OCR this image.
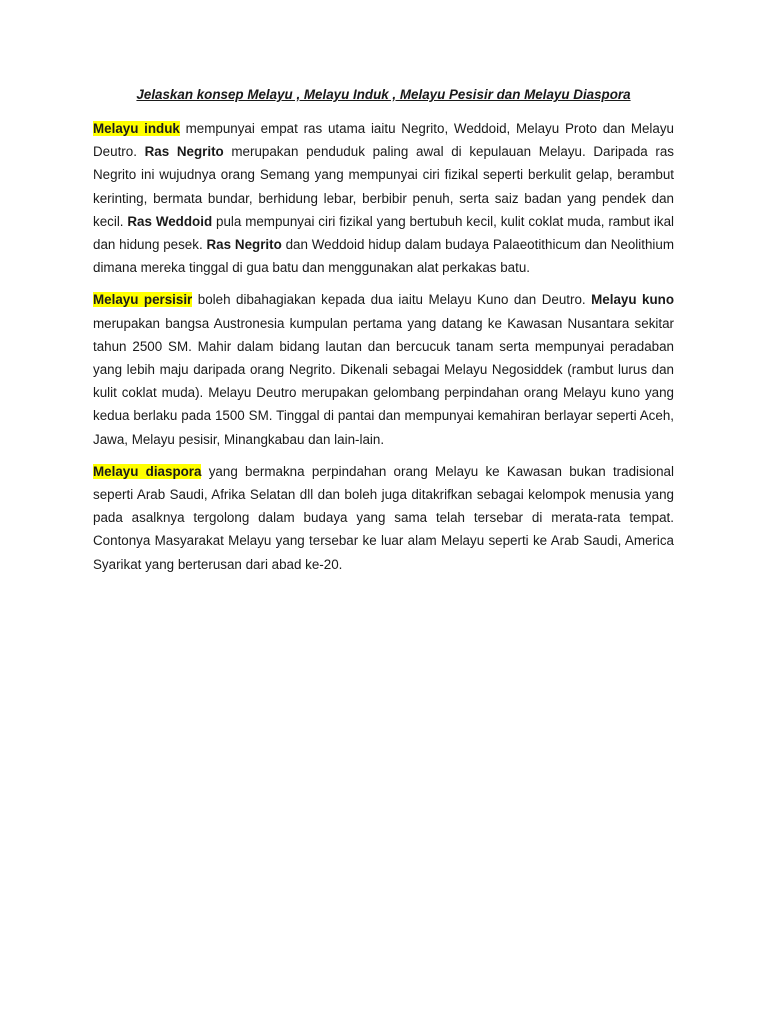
Jelaskan konsep Melayu , Melayu Induk , Melayu Pesisir dan Melayu Diaspora

Melayu induk mempunyai empat ras utama iaitu Negrito, Weddoid, Melayu Proto dan Melayu Deutro. Ras Negrito merupakan penduduk paling awal di kepulauan Melayu. Daripada ras Negrito ini wujudnya orang Semang yang mempunyai ciri fizikal seperti berkulit gelap, berambut kerinting, bermata bundar, berhidung lebar, berbibir penuh, serta saiz badan yang pendek dan kecil. Ras Weddoid pula mempunyai ciri fizikal yang bertubuh kecil, kulit coklat muda, rambut ikal dan hidung pesek. Ras Negrito dan Weddoid hidup dalam budaya Palaeotithicum dan Neolithium dimana mereka tinggal di gua batu dan menggunakan alat perkakas batu.

Melayu persisir boleh dibahagiakan kepada dua iaitu Melayu Kuno dan Deutro. Melayu kuno merupakan bangsa Austronesia kumpulan pertama yang datang ke Kawasan Nusantara sekitar tahun 2500 SM. Mahir dalam bidang lautan dan bercucuk tanam serta mempunyai peradaban yang lebih maju daripada orang Negrito. Dikenali sebagai Melayu Negosiddek (rambut lurus dan kulit coklat muda). Melayu Deutro merupakan gelombang perpindahan orang Melayu kuno yang kedua berlaku pada 1500 SM. Tinggal di pantai dan mempunyai kemahiran berlayar seperti Aceh, Jawa, Melayu pesisir, Minangkabau dan lain-lain.

Melayu diaspora yang bermakna perpindahan orang Melayu ke Kawasan bukan tradisional seperti Arab Saudi, Afrika Selatan dll dan boleh juga ditakrifkan sebagai kelompok menusia yang pada asalknya tergolong dalam budaya yang sama telah tersebar di merata-rata tempat. Contonya Masyarakat Melayu yang tersebar ke luar alam Melayu seperti ke Arab Saudi, America Syarikat yang berterusan dari abad ke-20.
